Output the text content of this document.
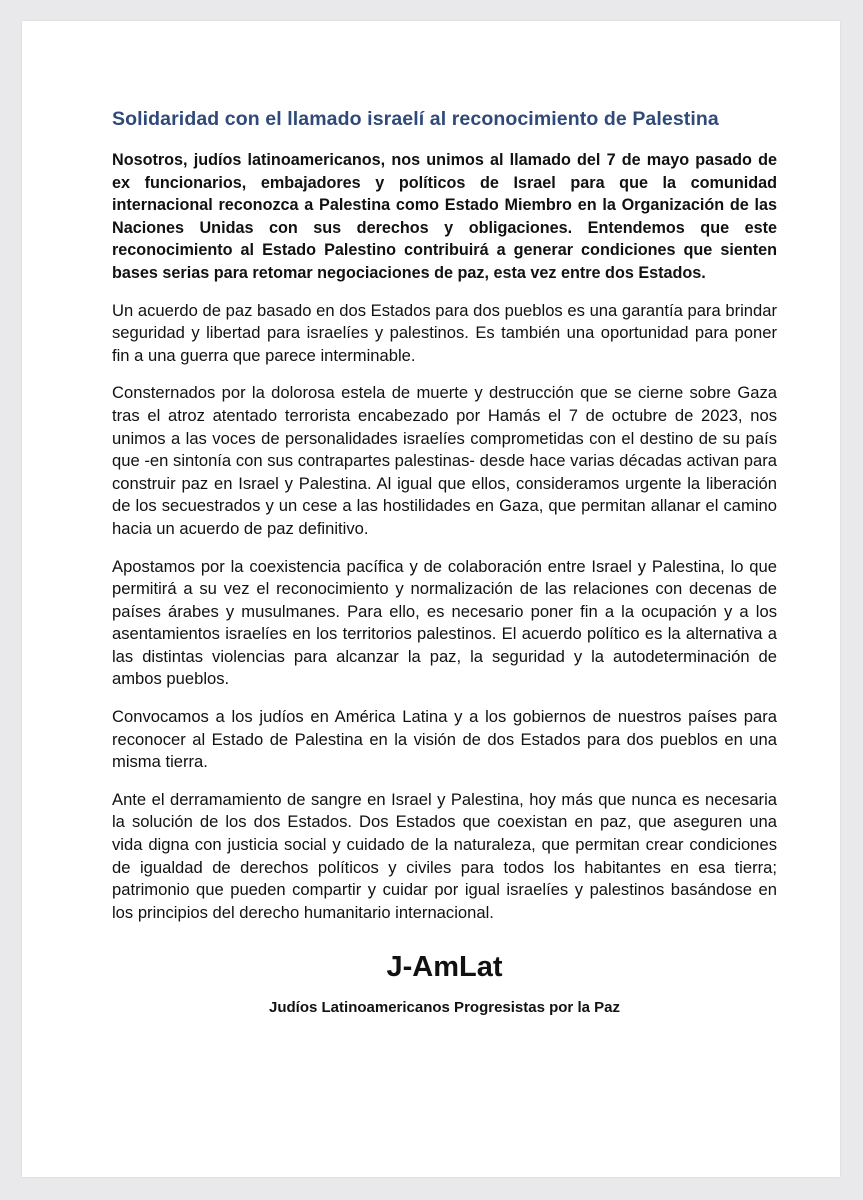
Solidaridad con el llamado israelí al reconocimiento de Palestina

Nosotros, judíos latinoamericanos, nos unimos al llamado del 7 de mayo pasado de ex funcionarios, embajadores y políticos de Israel para que la comunidad internacional reconozca a Palestina como Estado Miembro en la Organización de las Naciones Unidas con sus derechos y obligaciones. Entendemos que este reconocimiento al Estado Palestino contribuirá a generar condiciones que sienten bases serias para retomar negociaciones de paz, esta vez entre dos Estados.

Un acuerdo de paz basado en dos Estados para dos pueblos es una garantía para brindar seguridad y libertad para israelíes y palestinos. Es también una oportunidad para poner fin a una guerra que parece interminable.

Consternados por la dolorosa estela de muerte y destrucción que se cierne sobre Gaza tras el atroz atentado terrorista encabezado por Hamás el 7 de octubre de 2023, nos unimos a las voces de personalidades israelíes comprometidas con el destino de su país que -en sintonía con sus contrapartes palestinas- desde hace varias décadas activan para construir paz en Israel y Palestina. Al igual que ellos, consideramos urgente la liberación de los secuestrados y un cese a las hostilidades en Gaza, que permitan allanar el camino hacia un acuerdo de paz definitivo.

Apostamos por la coexistencia pacífica y de colaboración entre Israel y Palestina, lo que permitirá a su vez el reconocimiento y normalización de las relaciones con decenas de países árabes y musulmanes. Para ello, es necesario poner fin a la ocupación y a los asentamientos israelíes en los territorios palestinos. El acuerdo político es la alternativa a las distintas violencias para alcanzar la paz, la seguridad y la autodeterminación de ambos pueblos.

Convocamos a los judíos en América Latina y a los gobiernos de nuestros países para reconocer al Estado de Palestina en la visión de dos Estados para dos pueblos en una misma tierra.

Ante el derramamiento de sangre en Israel y Palestina, hoy más que nunca es necesaria la solución de los dos Estados. Dos Estados que coexistan en paz, que aseguren una vida digna con justicia social y cuidado de la naturaleza, que permitan crear condiciones de igualdad de derechos políticos y civiles para todos los habitantes en esa tierra; patrimonio que pueden compartir y cuidar por igual israelíes y palestinos basándose en los principios del derecho humanitario internacional.

J-AmLat
Judíos Latinoamericanos Progresistas por la Paz
